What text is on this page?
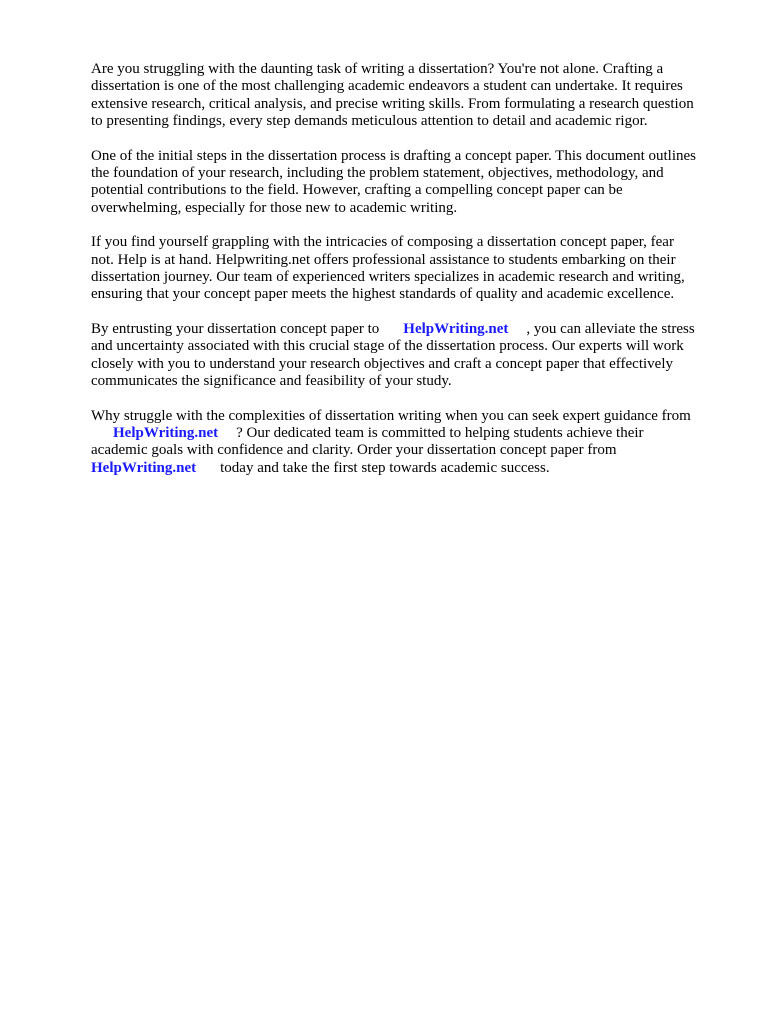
Are you struggling with the daunting task of writing a dissertation? You're not alone. Crafting a
dissertation is one of the most challenging academic endeavors a student can undertake. It requires
extensive research, critical analysis, and precise writing skills. From formulating a research question
to presenting findings, every step demands meticulous attention to detail and academic rigor.

One of the initial steps in the dissertation process is drafting a concept paper. This document outlines
the foundation of your research, including the problem statement, objectives, methodology, and
potential contributions to the field. However, crafting a compelling concept paper can be
overwhelming, especially for those new to academic writing.

If you find yourself grappling with the intricacies of composing a dissertation concept paper, fear
not. Help is at hand. Helpwriting.net offers professional assistance to students embarking on their
dissertation journey. Our team of experienced writers specializes in academic research and writing,
ensuring that your concept paper meets the highest standards of quality and academic excellence.

By entrusting your dissertation concept paper to HelpWriting.net , you can alleviate the stress
and uncertainty associated with this crucial stage of the dissertation process. Our experts will work
closely with you to understand your research objectives and craft a concept paper that effectively
communicates the significance and feasibility of your study.

Why struggle with the complexities of dissertation writing when you can seek expert guidance from
HelpWriting.net ? Our dedicated team is committed to helping students achieve their
academic goals with confidence and clarity. Order your dissertation concept paper from
HelpWriting.net today and take the first step towards academic success.
